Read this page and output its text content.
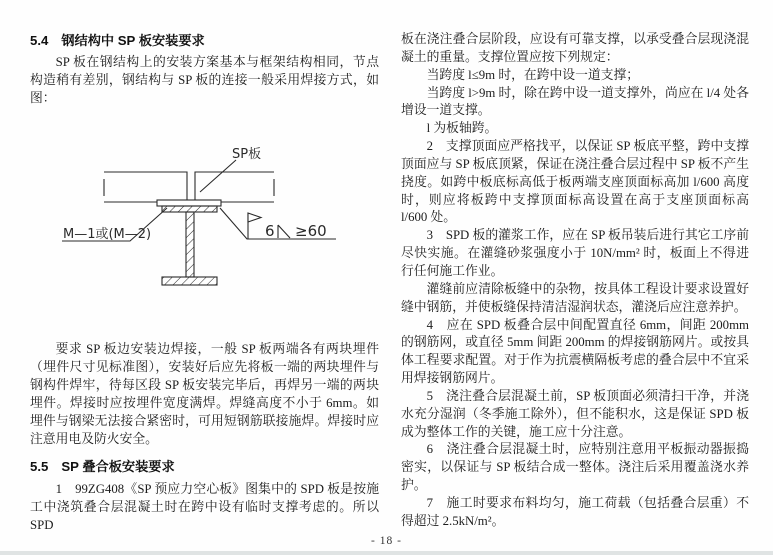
5.4 钢结构中 SP 板安装要求

SP 板在钢结构上的安装方案基本与框架结构相同，节点构造稍有差别，钢结构与 SP 板的连接一般采用焊接方式，如图：

SP板
M—1或(M—2)	6 ≥60

要求 SP 板边安装边焊接，一般 SP 板两端各有两块埋件（埋件尺寸见标准图），安装好后应先将板一端的两块埋件与钢构件焊牢，待每区段 SP 板安装完毕后，再焊另一端的两块埋件。焊接时应按埋件宽度满焊。焊缝高度不小于 6mm。如埋件与钢梁无法接合紧密时，可用短钢筋联接施焊。焊接时应注意用电及防火安全。

5.5 SP 叠合板安装要求

1　99ZG408《SP 预应力空心板》图集中的 SPD 板是按施工中浇筑叠合层混凝土时在跨中设有临时支撑考虑的。所以 SPD

板在浇注叠合层阶段，应设有可靠支撑，以承受叠合层现浇混凝土的重量。支撑位置应按下列规定：

当跨度 l≤9m 时，在跨中设一道支撑；

当跨度 l>9m 时，除在跨中设一道支撑外，尚应在 l/4 处各增设一道支撑。

l 为板轴跨。

2　支撑顶面应严格找平，以保证 SP 板底平整，跨中支撑顶面应与 SP 板底顶紧，保证在浇注叠合层过程中 SP 板不产生挠度。如跨中板底标高低于板两端支座顶面标高加 l/600 高度时，则应将板跨中支撑顶面标高设置在高于支座顶面标高 l/600 处。

3　SPD 板的灌浆工作，应在 SP 板吊装后进行其它工序前尽快实施。在灌缝砂浆强度小于 10N/mm² 时，板面上不得进行任何施工作业。

灌缝前应清除板缝中的杂物，按具体工程设计要求设置好缝中钢筋，并使板缝保持清洁湿润状态，灌浇后应注意养护。

4　应在 SPD 板叠合层中间配置直径 6mm，间距 200mm 的钢筋网，或直径 5mm 间距 200mm 的焊接钢筋网片。或按具体工程要求配置。对于作为抗震横隔板考虑的叠合层中不宜采用焊接钢筋网片。

5　浇注叠合层混凝土前，SP 板顶面必须清扫干净，并浇水充分湿润（冬季施工除外），但不能积水，这是保证 SPD 板成为整体工作的关键，施工应十分注意。

6　浇注叠合层混凝土时，应特别注意用平板振动器振捣密实，以保证与 SP 板结合成一整体。浇注后采用覆盖浇水养护。

7　施工时要求布料均匀，施工荷载（包括叠合层重）不得超过 2.5kN/m²。

- 18 -
